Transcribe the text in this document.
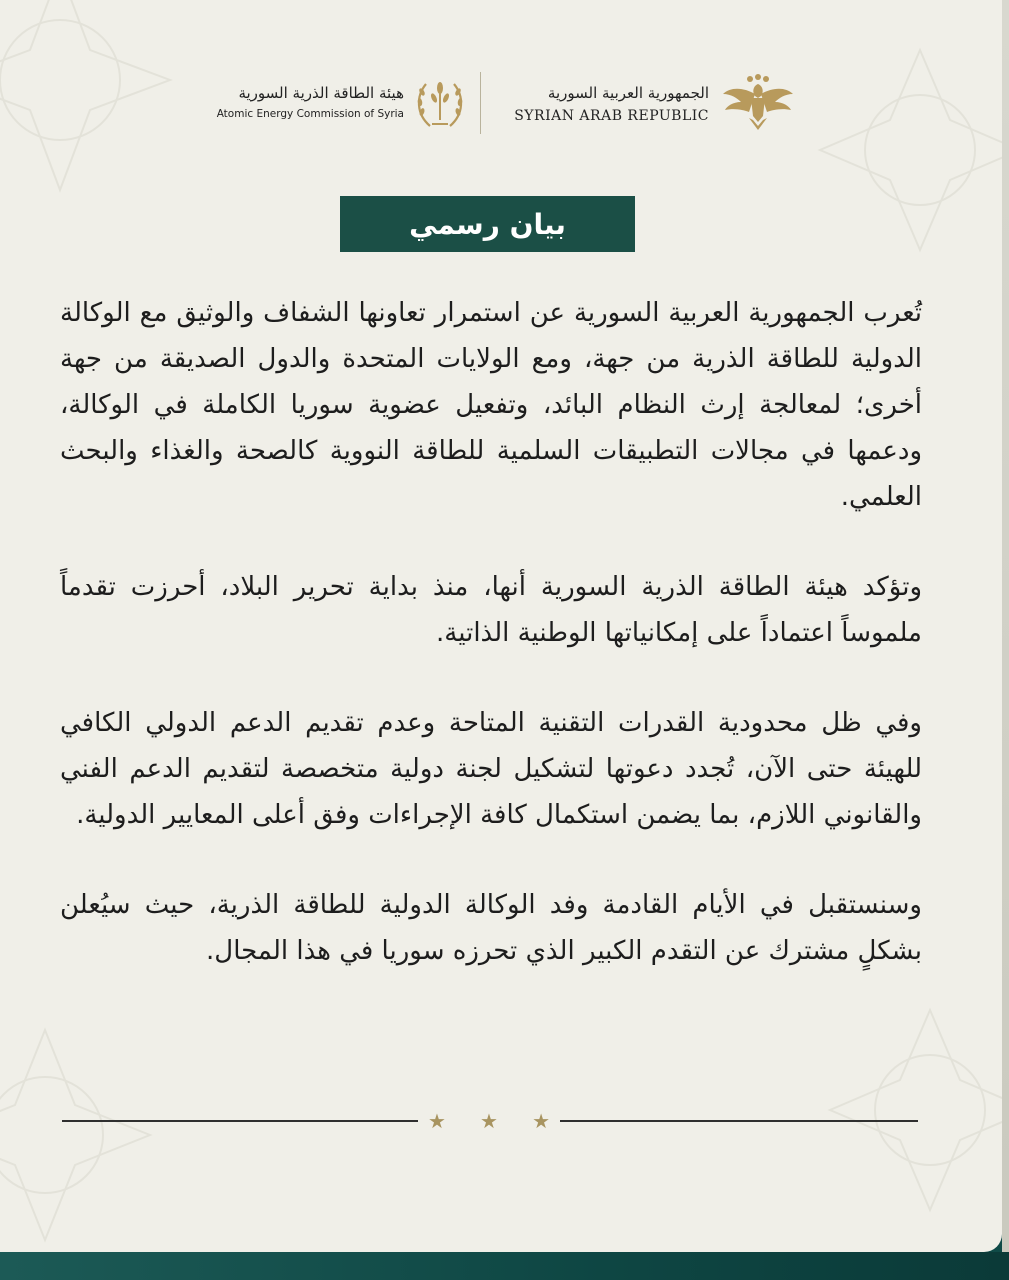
الجمهورية العربية السورية
SYRIAN ARAB REPUBLIC
هيئة الطاقة الذرية السورية
Atomic Energy Commission of Syria
بيان رسمي

تُعرب الجمهورية العربية السورية عن استمرار تعاونها الشفاف والوثيق مع الوكالة الدولية للطاقة الذرية من جهة، ومع الولايات المتحدة والدول الصديقة من جهة أخرى؛ لمعالجة إرث النظام البائد، وتفعيل عضوية سوريا الكاملة في الوكالة، ودعمها في مجالات التطبيقات السلمية للطاقة النووية كالصحة والغذاء والبحث العلمي.

وتؤكد هيئة الطاقة الذرية السورية أنها، منذ بداية تحرير البلاد، أحرزت تقدماً ملموساً اعتماداً على إمكانياتها الوطنية الذاتية.

وفي ظل محدودية القدرات التقنية المتاحة وعدم تقديم الدعم الدولي الكافي للهيئة حتى الآن، تُجدد دعوتها لتشكيل لجنة دولية متخصصة لتقديم الدعم الفني والقانوني اللازم، بما يضمن استكمال كافة الإجراءات وفق أعلى المعايير الدولية.

وسنستقبل في الأيام القادمة وفد الوكالة الدولية للطاقة الذرية، حيث سيُعلن بشكلٍ مشترك عن التقدم الكبير الذي تحرزه سوريا في هذا المجال.

★ ★ ★
